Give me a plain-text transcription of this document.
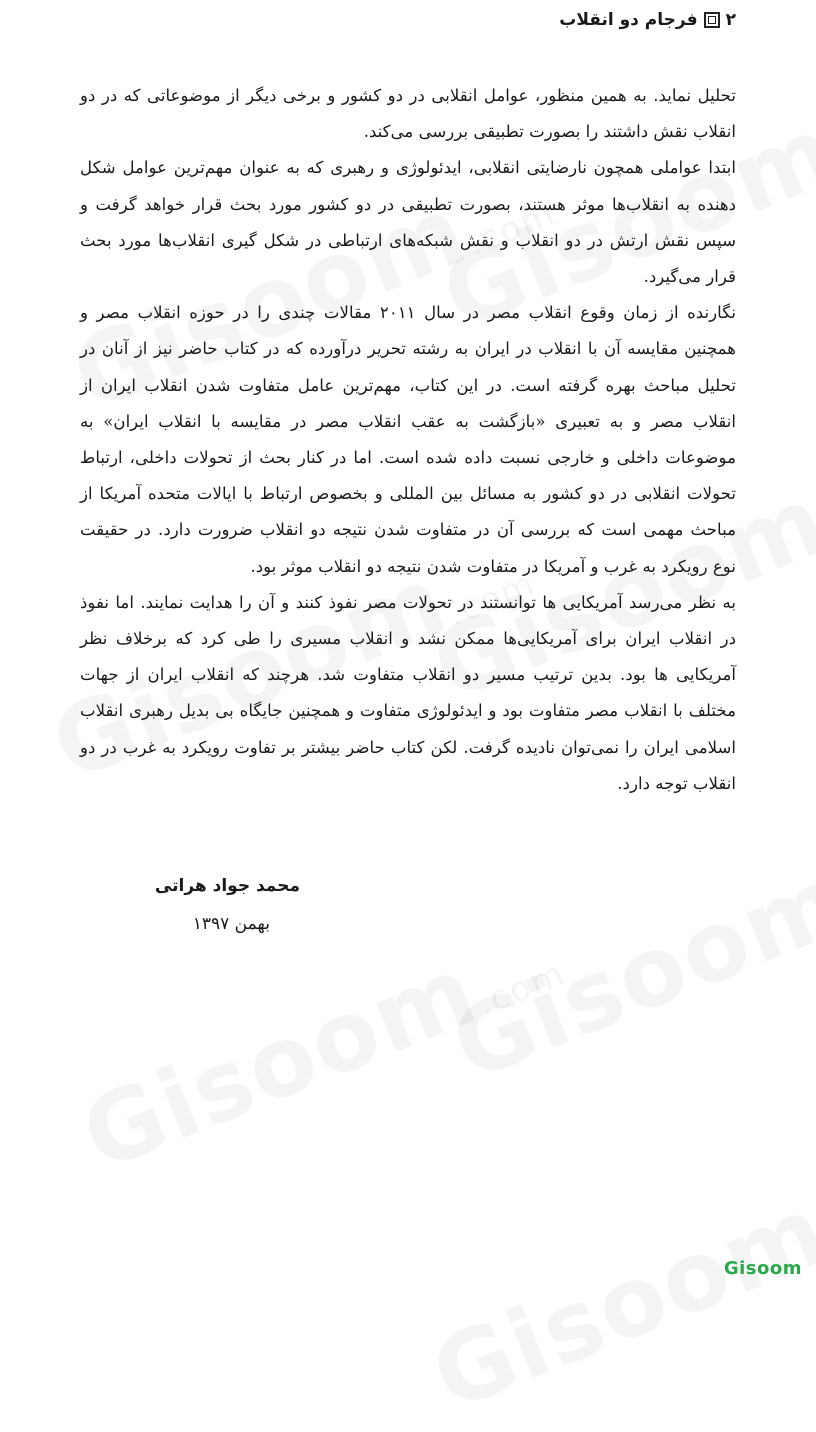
۲
فرجام دو انقلاب

تحلیل نماید. به همین منظور، عوامل انقلابی در دو کشور و برخی دیگر از موضوعاتی که در دو انقلاب نقش داشتند را بصورت تطبیقی بررسی می‌کند.

ابتدا عواملی همچون نارضایتی انقلابی، ایدئولوژی و رهبری که به عنوان مهم‌ترین عوامل شکل دهنده به انقلاب‌ها موثر هستند، بصورت تطبیقی در دو کشور مورد بحث قرار خواهد گرفت و سپس نقش ارتش در دو انقلاب و نقش شبکه‌های ارتباطی در شکل گیری انقلاب‌ها مورد بحث قرار می‌گیرد.

نگارنده از زمان وقوع انقلاب مصر در سال ۲۰۱۱ مقالات چندی را در حوزه انقلاب مصر و همچنین مقایسه آن با انقلاب در ایران به رشته تحریر درآورده که در کتاب حاضر نیز از آنان در تحلیل مباحث بهره گرفته است. در این کتاب، مهم‌ترین عامل متفاوت شدن انقلاب ایران از انقلاب مصر و به تعبیری «بازگشت به عقب انقلاب مصر در مقایسه با انقلاب ایران» به موضوعات داخلی و خارجی نسبت داده شده است. اما در کنار بحث از تحولات داخلی، ارتباط تحولات انقلابی در دو کشور به مسائل بین المللی و بخصوص ارتباط با ایالات متحده آمریکا از مباحث مهمی است که بررسی آن در متفاوت شدن نتیجه دو انقلاب ضرورت دارد. در حقیقت نوع رویکرد به غرب و آمریکا در متفاوت شدن نتیجه دو انقلاب موثر بود.

به نظر می‌رسد آمریکایی ها توانستند در تحولات مصر نفوذ کنند و آن را هدایت نمایند. اما نفوذ در انقلاب ایران برای آمریکایی‌ها ممکن نشد و انقلاب مسیری را طی کرد که برخلاف نظر آمریکایی ها بود. بدین ترتیب مسیر دو انقلاب متفاوت شد. هرچند که انقلاب ایران از جهات مختلف با انقلاب مصر متفاوت بود و ایدئولوژی متفاوت و همچنین جایگاه بی بدیل رهبری انقلاب اسلامی ایران را نمی‌توان نادیده گرفت. لکن کتاب حاضر بیشتر بر تفاوت رویکرد به غرب در دو انقلاب توجه دارد.

محمد جواد هراتی
بهمن ۱۳۹۷
Gisoom
